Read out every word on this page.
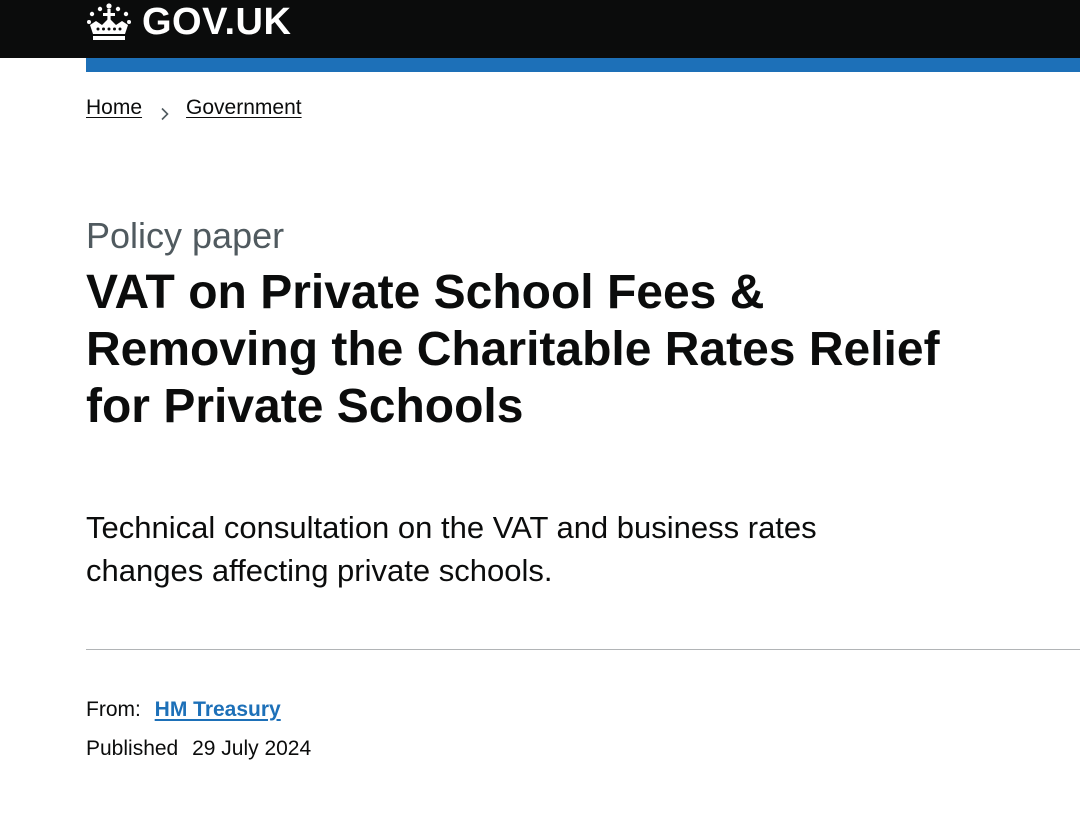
GOV.UK
Home Government
Policy paper
VAT on Private School Fees & Removing the Charitable Rates Relief for Private Schools

Technical consultation on the VAT and business rates changes affecting private schools.

From: HM Treasury
Published 29 July 2024
